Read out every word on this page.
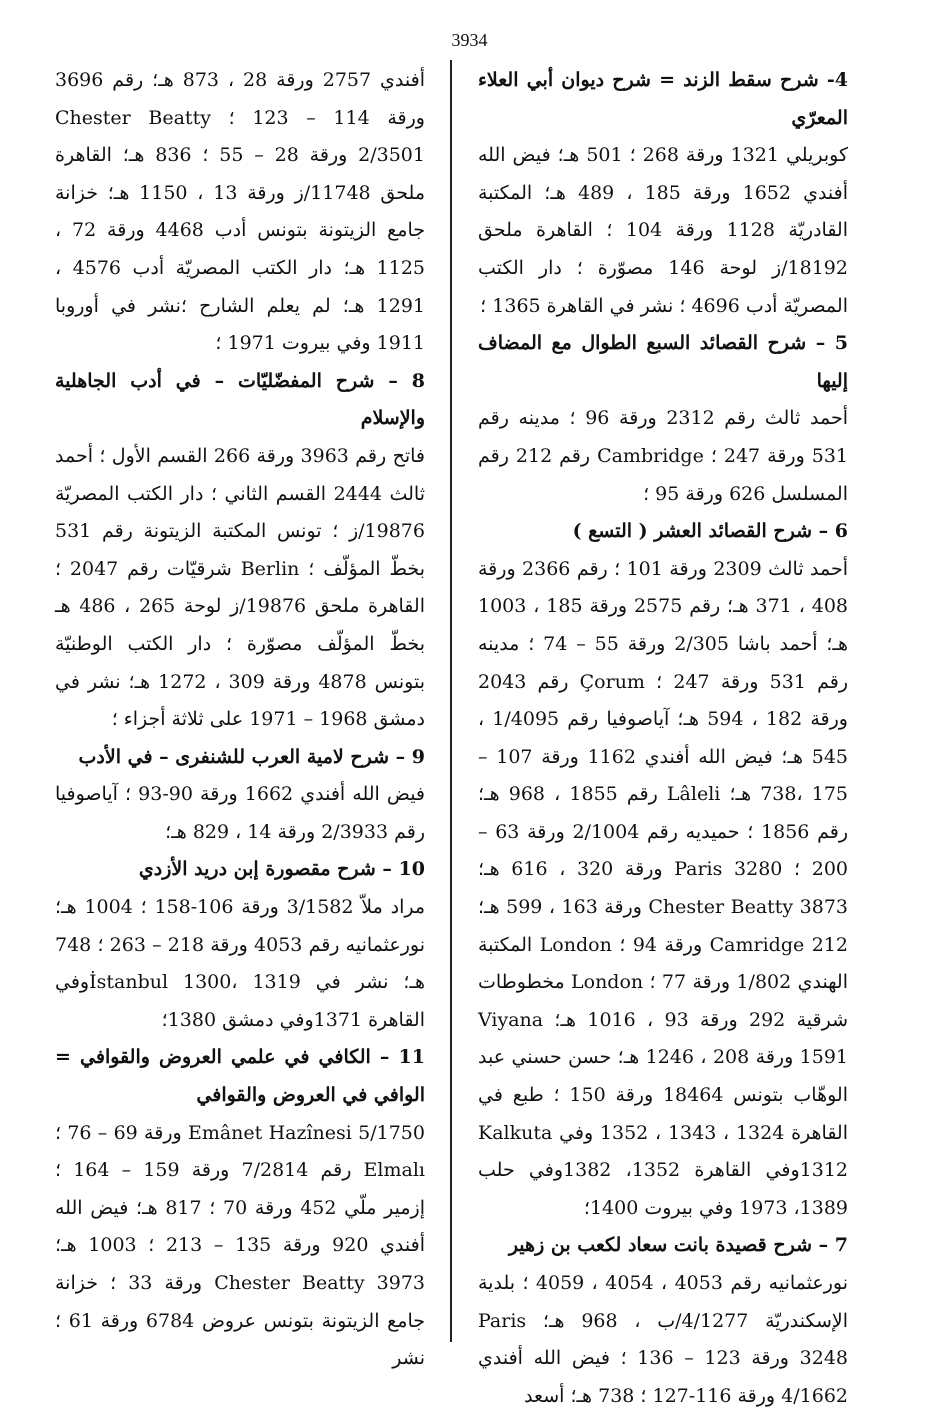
3934

4- شرح سقط الزند = شرح ديوان أبي العلاء المعرّي

كوبريلي 1321 ورقة 268 ؛ 501 هـ؛ فيض الله أفندي 1652 ورقة 185 ، 489 هـ؛ المكتبة القادريّة 1128 ورقة 104 ؛ القاهرة ملحق 18192/ز لوحة 146 مصوّرة ؛ دار الكتب المصريّة أدب 4696 ؛ نشر في القاهرة 1365 ؛

5 – شرح القصائد السبع الطوال مع المضاف إليها

أحمد ثالث رقم 2312 ورقة 96 ؛ مدينه رقم 531 ورقة 247 ؛ Cambridge رقم 212 رقم المسلسل 626 ورقة 95 ؛

6 – شرح القصائد العشر ( التسع )

أحمد ثالث 2309 ورقة 101 ؛ رقم 2366 ورقة 408 ، 371 هـ؛ رقم 2575 ورقة 185 ، 1003 هـ؛ أحمد باشا 2/305 ورقة 55 – 74 ؛ مدينه رقم 531 ورقة 247 ؛ Çorum رقم 2043 ورقة 182 ، 594 هـ؛ آياصوفيا رقم 1/4095 ، 545 هـ؛ فيض الله أفندي 1162 ورقة 107 – 175 ،738 هـ؛ Lâleli رقم 1855 ، 968 هـ؛ رقم 1856 ؛ حميديه رقم 2/1004 ورقة 63 – 200 ؛ Paris 3280 ورقة 320 ، 616 هـ؛ Chester Beatty 3873 ورقة 163 ، 599 هـ؛Camridge 212 ورقة 94 ؛ London المكتبة الهندي 1/802 ورقة 77 ؛ London مخطوطات شرقية 292 ورقة 93 ، 1016 هـ؛ Viyana 1591 ورقة 208 ، 1246 هـ؛ حسن حسني عبد الوهّاب بتونس 18464 ورقة 150 ؛ طبع في القاهرة 1324 ، 1343 ، 1352 وفي Kalkuta 1312وفي القاهرة 1352، 1382وفي حلب 1389، 1973 وفي بيروت 1400؛

7 – شرح قصيدة بانت سعاد لكعب بن زهير

نورعثمانيه رقم 4053 ، 4054 ، 4059 ؛ بلدية الإسكندريّة 4/1277/ب ، 968 هـ؛ Paris 3248 ورقة 123 – 136 ؛ فيض الله أفندي 4/1662 ورقة 116-127 ؛ 738 هـ؛ أسعد

أفندي 2757 ورقة 28 ، 873 هـ؛ رقم 3696 ورقة 114 – 123 ؛ Chester Beatty 2/3501 ورقة 28 – 55 ؛ 836 هـ؛ القاهرة ملحق 11748/ز ورقة 13 ، 1150 هـ؛ خزانة جامع الزيتونة بتونس أدب 4468 ورقة 72 ، 1125 هـ؛ دار الكتب المصريّة أدب 4576 ، 1291 هـ؛ لم يعلم الشارح ؛نشر في أوروبا 1911 وفي بيروت 1971 ؛

8 – شرح المفضّليّات – في أدب الجاهلية والإسلام

فاتح رقم 3963 ورقة 266 القسم الأول ؛ أحمد ثالث 2444 القسم الثاني ؛ دار الكتب المصريّة 19876/ز ؛ تونس المكتبة الزيتونة رقم 531 بخطّ المؤلّف ؛ Berlin شرقيّات رقم 2047 ؛ القاهرة ملحق 19876/ز لوحة 265 ، 486 هـ بخطّ المؤلّف مصوّرة ؛ دار الكتب الوطنيّة بتونس 4878 ورقة 309 ، 1272 هـ؛ نشر في دمشق 1968 – 1971 على ثلاثة أجزاء ؛

9 – شرح لامية العرب للشنفرى – في الأدب

فيض الله أفندي 1662 ورقة 90-93 ؛ آياصوفيا رقم 2/3933 ورقة 14 ، 829 هـ؛

10 – شرح مقصورة إبن دريد الأزدي

مراد ملاّ 3/1582 ورقة 106-158 ؛ 1004 هـ؛ نورعثمانيه رقم 4053 ورقة 218 – 263 ؛ 748 هـ؛ نشر في İstanbul 1300، 1319وفي القاهرة 1371وفي دمشق 1380؛

11 – الكافي في علمي العروض والقوافي = الوافي في العروض والقوافي

Emânet Hazînesi 5/1750 ورقة 69 – 76 ؛ Elmalı رقم 7/2814 ورقة 159 – 164 ؛ إزمير ملّي 452 ورقة 70 ؛ 817 هـ؛ فيض الله أفندي 920 ورقة 135 – 213 ؛ 1003 هـ؛ Chester Beatty 3973 ورقة 33 ؛ خزانة جامع الزيتونة بتونس عروض 6784 ورقة 61 ؛ نشر
